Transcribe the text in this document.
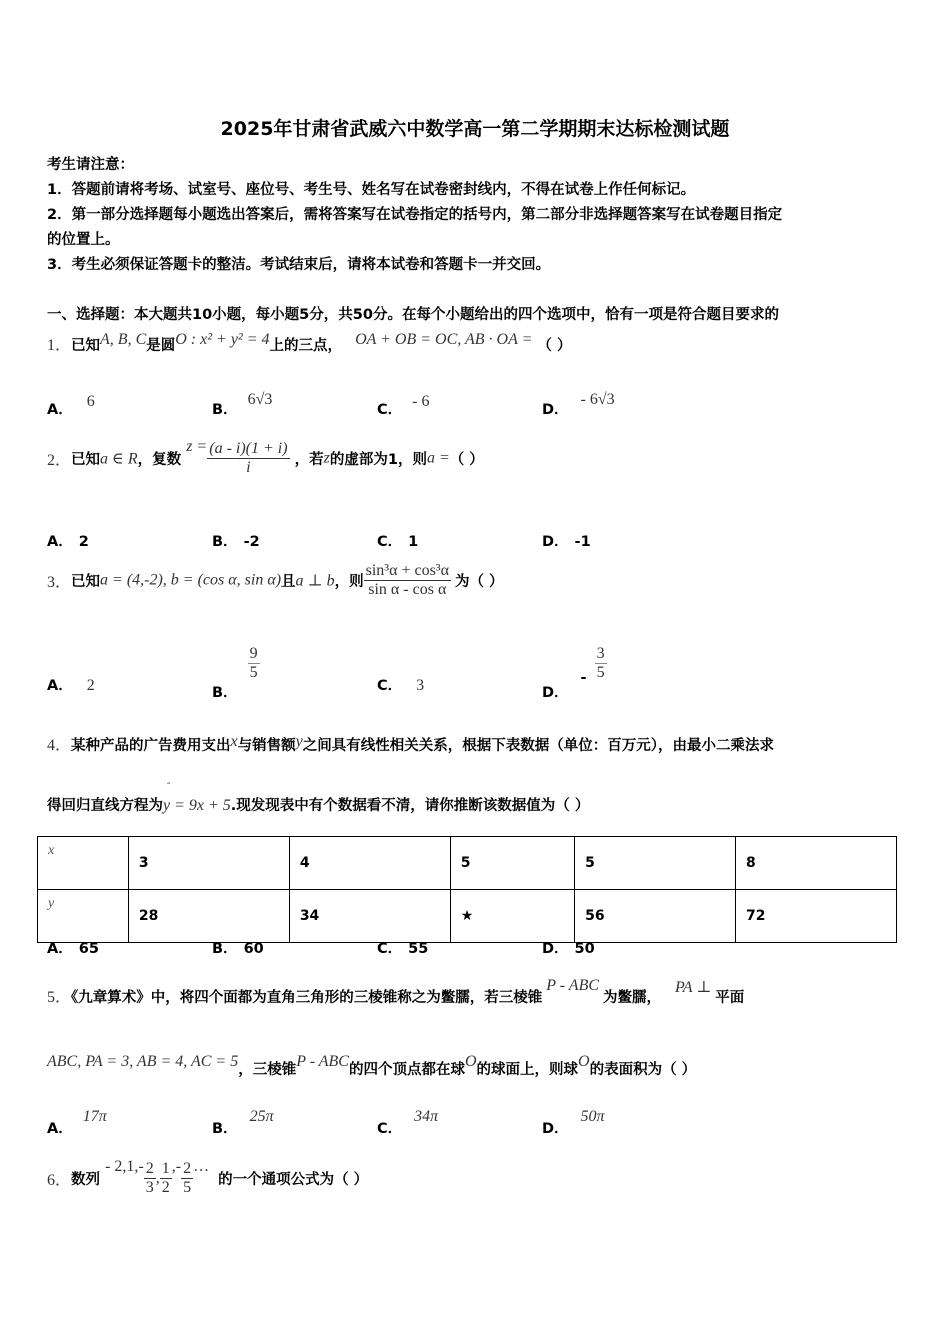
2025年甘肃省武威六中数学高一第二学期期末达标检测试题
考生请注意：
1．答题前请将考场、试室号、座位号、考生号、姓名写在试卷密封线内，不得在试卷上作任何标记。
2．第一部分选择题每小题选出答案后，需将答案写在试卷指定的括号内，第二部分非选择题答案写在试卷题目指定
的位置上。
3．考生必须保证答题卡的整洁。考试结束后，请将本试卷和答题卡一并交回。
一、选择题：本大题共10小题，每小题5分，共50分。在每个小题给出的四个选项中，恰有一项是符合题目要求的
1．已知A, B, C是圆O : x² + y² = 4上的三点， OA + OB = OC, AB · OA = （ ）
A． 6	B．6√3
C． - 6	D．- 6√3
2．已知a ∈ R，复数 $z = \frac{(a - i)(1 + i)}{i}$ ，若z的虚部为1，则a =（ ）
A． 2	B． -2	C． 1	D． -1
3．已知a = (4,-2), b = (cos α, sin α)且a ⊥ b，则 $\frac{\text{sin³α + cos³α}}{\text{sin α - cos α}}$ 为（ ）
A． 2	B．
$\frac{9}{5}$
C． 3	D．- $\frac{3}{5}$
4．某种产品的广告费用支出x与销售额y之间具有线性相关关系，根据下表数据（单位：百万元），由最小二乘法求
得回归直线方程为
ˆ
y = 9x + 5.现发现表中有个数据看不清，请你推断该数据值为（ ）
x	3	4	5	5	8
y	28	34	★	56	72
A． 65	B． 60	C． 55	D． 50
5．《九章算术》中，将四个面都为直角三角形的三棱锥称之为鳖臑，若三棱锥P - ABC为鳖臑，PA ⊥平面
ABC, PA = 3, AB = 4, AC = 5，三棱锥P - ABC的四个顶点都在球O的球面上，则球O的表面积为（ ）
A．17π
B．25π
C．34π
D．50π
6．数列 - $2,1,- \frac{2}{3}$ , $\frac{1}{2}$ ,- $\frac{2}{5}$ … 的一个通项公式为（ ）
